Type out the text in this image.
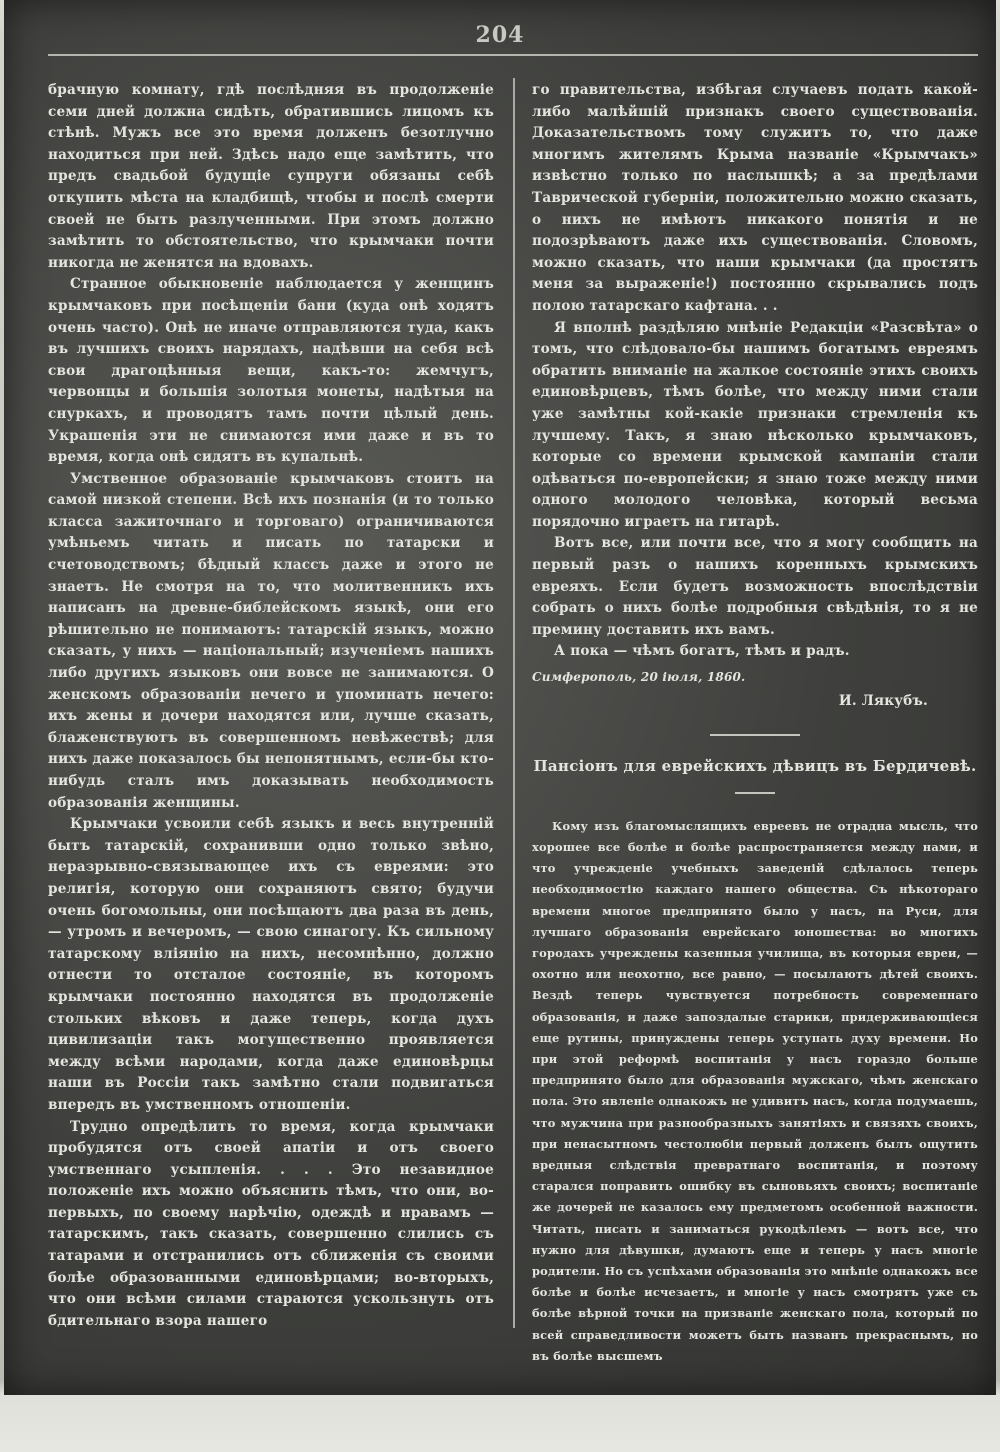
204

брачную комнату, гдѣ послѣдняя въ продолженіе семи дней должна сидѣть, обратившись лицомъ къ стѣнѣ. Мужъ все это время долженъ безотлучно находиться при ней. Здѣсь надо еще замѣтить, что предъ свадьбой будущіе супруги обязаны себѣ откупить мѣста на кладбищѣ, чтобы и послѣ смерти своей не быть разлученными. При этомъ должно замѣтить то обстоятельство, что крымчаки почти никогда не женятся на вдовахъ.

Странное обыкновеніе наблюдается у женщинъ крымчаковъ при посѣщеніи бани (куда онѣ ходятъ очень часто). Онѣ не иначе отправляются туда, какъ въ лучшихъ своихъ нарядахъ, надѣвши на себя всѣ свои драгоцѣнныя вещи, какъ-то: жемчугъ, червонцы и большія золотыя монеты, надѣтыя на снуркахъ, и проводятъ тамъ почти цѣлый день. Украшенія эти не снимаются ими даже и въ то время, когда онѣ сидятъ въ купальнѣ.

Умственное образованіе крымчаковъ стоитъ на самой низкой степени. Всѣ ихъ познанія (и то только класса зажиточнаго и торговаго) ограничиваются умѣньемъ читать и писать по татарски и счетоводствомъ; бѣдный классъ даже и этого не знаетъ. Не смотря на то, что молитвенникъ ихъ написанъ на древне-библейскомъ языкѣ, они его рѣшительно не понимаютъ: татарскій языкъ, можно сказать, у нихъ — національный; изученіемъ нашихъ либо другихъ языковъ они вовсе не занимаются. О женскомъ образованіи нечего и упоминать нечего: ихъ жены и дочери находятся или, лучше сказать, блаженствуютъ въ совершенномъ невѣжествѣ; для нихъ даже показалось бы непонятнымъ, если-бы кто-нибудь сталъ имъ доказывать необходимость образованія женщины.

Крымчаки усвоили себѣ языкъ и весь внутренній бытъ татарскій, сохранивши одно только звѣно, неразрывно-связывающее ихъ съ евреями: это религія, которую они сохраняютъ свято; будучи очень богомольны, они посѣщаютъ два раза въ день, — утромъ и вечеромъ, — свою синагогу. Къ сильному татарскому вліянію на нихъ, несомнѣнно, должно отнести то отсталое состояніе, въ которомъ крымчаки постоянно находятся въ продолженіе стольких вѣковъ и даже теперь, когда духъ цивилизаціи такъ могущественно проявляется между всѣми народами, когда даже единовѣрцы наши въ Россіи такъ замѣтно стали подвигаться впередъ въ умственномъ отношеніи.

Трудно опредѣлить то время, когда крымчаки пробудятся отъ своей апатіи и отъ своего умственнаго усыпленія. . . . Это незавидное положеніе ихъ можно объяснить тѣмъ, что они, во-первыхъ, по своему нарѣчію, одеждѣ и нравамъ — татарскимъ, такъ сказать, совершенно слились съ татарами и отстранились отъ сближенія съ своими болѣе образованными единовѣрцами; во-вторыхъ, что они всѣми силами стараются ускользнуть отъ бдительнаго взора нашего

го правительства, избѣгая случаевъ подать какой-либо малѣйшій признакъ своего существованія. Доказательствомъ тому служитъ то, что даже многимъ жителямъ Крыма названіе «Крымчакъ» извѣстно только по наслышкѣ; а за предѣлами Таврической губерніи, положительно можно сказать, о нихъ не имѣютъ никакого понятія и не подозрѣваютъ даже ихъ существованія. Словомъ, можно сказать, что наши крымчаки (да простятъ меня за выраженіе!) постоянно скрывались подъ полою татарскаго кафтана. . .

Я вполнѣ раздѣляю мнѣніе Редакціи «Разсвѣта» о томъ, что слѣдовало-бы нашимъ богатымъ евреямъ обратить вниманіе на жалкое состояніе этихъ своихъ единовѣрцевъ, тѣмъ болѣе, что между ними стали уже замѣтны кой-какіе признаки стремленія къ лучшему. Такъ, я знаю нѣсколько крымчаковъ, которые со времени крымской кампаніи стали одѣваться по-европейски; я знаю тоже между ними одного молодого человѣка, который весьма порядочно играетъ на гитарѣ.

Вотъ все, или почти все, что я могу сообщить на первый разъ о нашихъ коренныхъ крымскихъ евреяхъ. Если будетъ возможность впослѣдствіи собрать о нихъ болѣе подробныя свѣдѣнія, то я не премину доставить ихъ вамъ.

А пока — чѣмъ богатъ, тѣмъ и радъ.

Симферополь, 20 іюля, 1860.
И. Лякубъ.
Пансіонъ для еврейскихъ дѣвицъ въ Бердичевѣ.

Кому изъ благомыслящихъ евреевъ не отрадна мысль, что хорошее все болѣе и болѣе распространяется между нами, и что учрежденіе учебныхъ заведеній сдѣлалось теперь необходимостію каждаго нашего общества. Съ нѣкотораго времени многое предпринято было у насъ, на Руси, для лучшаго образованія еврейскаго юношества: во многихъ городахъ учреждены казенныя училища, въ которыя евреи, — охотно или неохотно, все равно, — посылаютъ дѣтей своихъ. Вездѣ теперь чувствуется потребность современнаго образованія, и даже запоздалые старики, придерживающіеся еще рутины, принуждены теперь уступать духу времени. Но при этой реформѣ воспитанія у насъ гораздо больше предпринято было для образованія мужскаго, чѣмъ женскаго пола. Это явленіе однакожъ не удивитъ насъ, когда подумаешь, что мужчина при разнообразныхъ занятіяхъ и связяхъ своихъ, при ненасытномъ честолюбіи первый долженъ былъ ощутить вредныя слѣдствія превратнаго воспитанія, и поэтому старался поправить ошибку въ сыновьяхъ своихъ; воспитаніе же дочерей не казалось ему предметомъ особенной важности. Читать, писать и заниматься рукодѣліемъ — вотъ все, что нужно для дѣвушки, думаютъ еще и теперь у насъ многіе родители. Но съ успѣхами образованія это мнѣніе однакожъ все болѣе и болѣе исчезаетъ, и многіе у насъ смотрятъ уже съ болѣе вѣрной точки на призваніе женскаго пола, который по всей справедливости можетъ быть названъ прекраснымъ, но въ болѣе высшемъ
